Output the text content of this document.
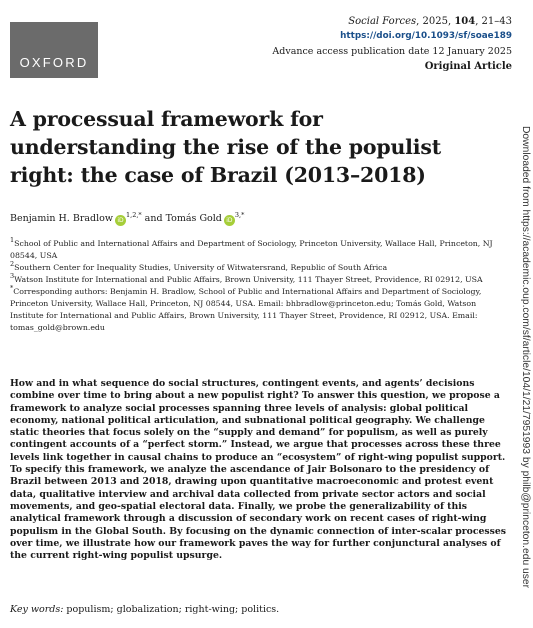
OXFORD
Social Forces, 2025, 104, 21–43
https://doi.org/10.1093/sf/soae189
Advance access publication date 12 January 2025
Original Article
A processual framework for understanding the rise of the populist right: the case of Brazil (2013–2018)
Benjamin H. Bradlow $iD^{1,2,*}$ and Tomás Gold $iD^{3,*}$

$^1$School of Public and International Affairs and Department of Sociology, Princeton University, Wallace Hall, Princeton, NJ 08544, USA

$^2$Southern Center for Inequality Studies, University of Witwatersrand, Republic of South Africa

$^3$Watson Institute for International and Public Affairs, Brown University, 111 Thayer Street, Providence, RI 02912, USA

*Corresponding authors: Benjamin H. Bradlow, School of Public and International Affairs and Department of Sociology, Princeton University, Wallace Hall, Princeton, NJ 08544, USA. Email: bhbradlow@princeton.edu; Tomás Gold, Watson Institute for International and Public Affairs, Brown University, 111 Thayer Street, Providence, RI 02912, USA. Email: tomas_gold@brown.edu

How and in what sequence do social structures, contingent events, and agents’ decisions combine over time to bring about a new populist right? To answer this question, we propose a framework to analyze social processes spanning three levels of analysis: global political economy, national political articulation, and subnational political geography. We challenge static theories that focus solely on the “supply and demand” for populism, as well as purely contingent accounts of a “perfect storm.” Instead, we argue that processes across these three levels link together in causal chains to produce an “ecosystem” of right-wing populist support. To specify this framework, we analyze the ascendance of Jair Bolsonaro to the presidency of Brazil between 2013 and 2018, drawing upon quantitative macroeconomic and protest event data, qualitative interview and archival data collected from private sector actors and social movements, and geo-spatial electoral data. Finally, we probe the generalizability of this analytical framework through a discussion of secondary work on recent cases of right-wing populism in the Global South. By focusing on the dynamic connection of inter-scalar processes over time, we illustrate how our framework paves the way for further conjunctural analyses of the current right-wing populist upsurge.

Key words: populism; globalization; right-wing; politics.
Downloaded from https://academic.oup.com/sf/article/104/1/21/7951993 by philb@princeton.edu user
